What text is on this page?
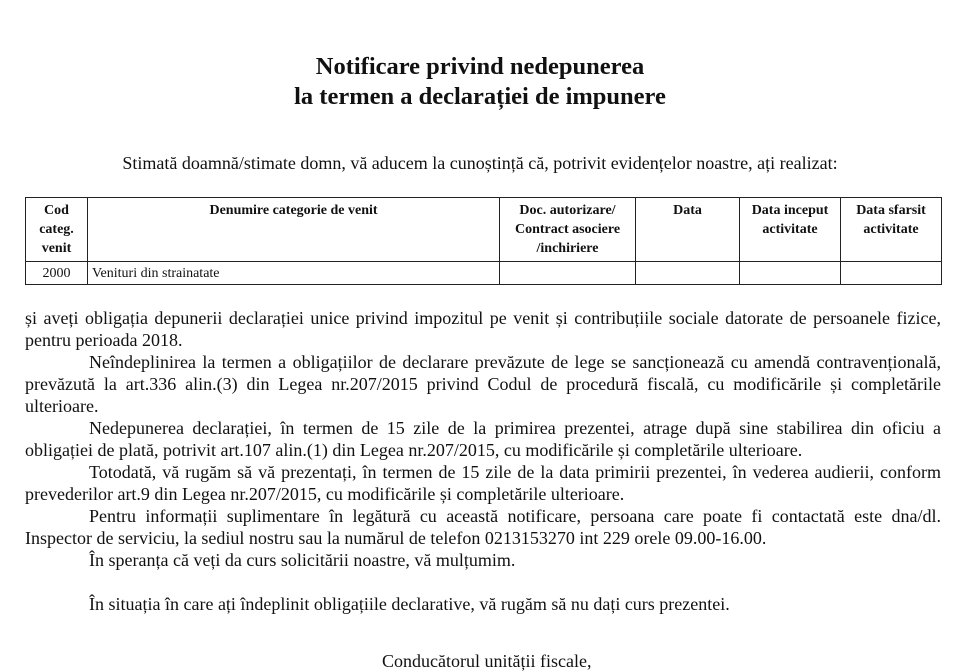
Notificare privind nedepunerea
la termen a declarației de impunere
Stimată doamnă/stimate domn, vă aducem la cunoștință că, potrivit evidențelor noastre, ați realizat:
Cod categ. venit	Denumire categorie de venit	Doc. autorizare/ Contract asociere /inchiriere	Data	Data inceput activitate	Data sfarsit activitate
2000	Venituri din strainatate				

și aveți obligația depunerii declarației unice privind impozitul pe venit și contribuțiile sociale datorate de persoanele fizice, pentru perioada 2018.

Neîndeplinirea la termen a obligațiilor de declarare prevăzute de lege se sancționează cu amendă contravențională, prevăzută la art.336 alin.(3) din Legea nr.207/2015 privind Codul de procedură fiscală, cu modificările și completările ulterioare.

Nedepunerea declarației, în termen de 15 zile de la primirea prezentei, atrage după sine stabilirea din oficiu a obligației de plată, potrivit art.107 alin.(1) din Legea nr.207/2015, cu modificările și completările ulterioare.

Totodată, vă rugăm să vă prezentați, în termen de 15 zile de la data primirii prezentei, în vederea audierii, conform prevederilor art.9 din Legea nr.207/2015, cu modificările și completările ulterioare.

Pentru informații suplimentare în legătură cu această notificare, persoana care poate fi contactată este dna/dl. Inspector de serviciu, la sediul nostru sau la numărul de telefon 0213153270 int 229 orele 09.00-16.00.

În speranța că veți da curs solicitării noastre, vă mulțumim.

În situația în care ați îndeplinit obligațiile declarative, vă rugăm să nu dați curs prezentei.

Conducătorul unității fiscale,
